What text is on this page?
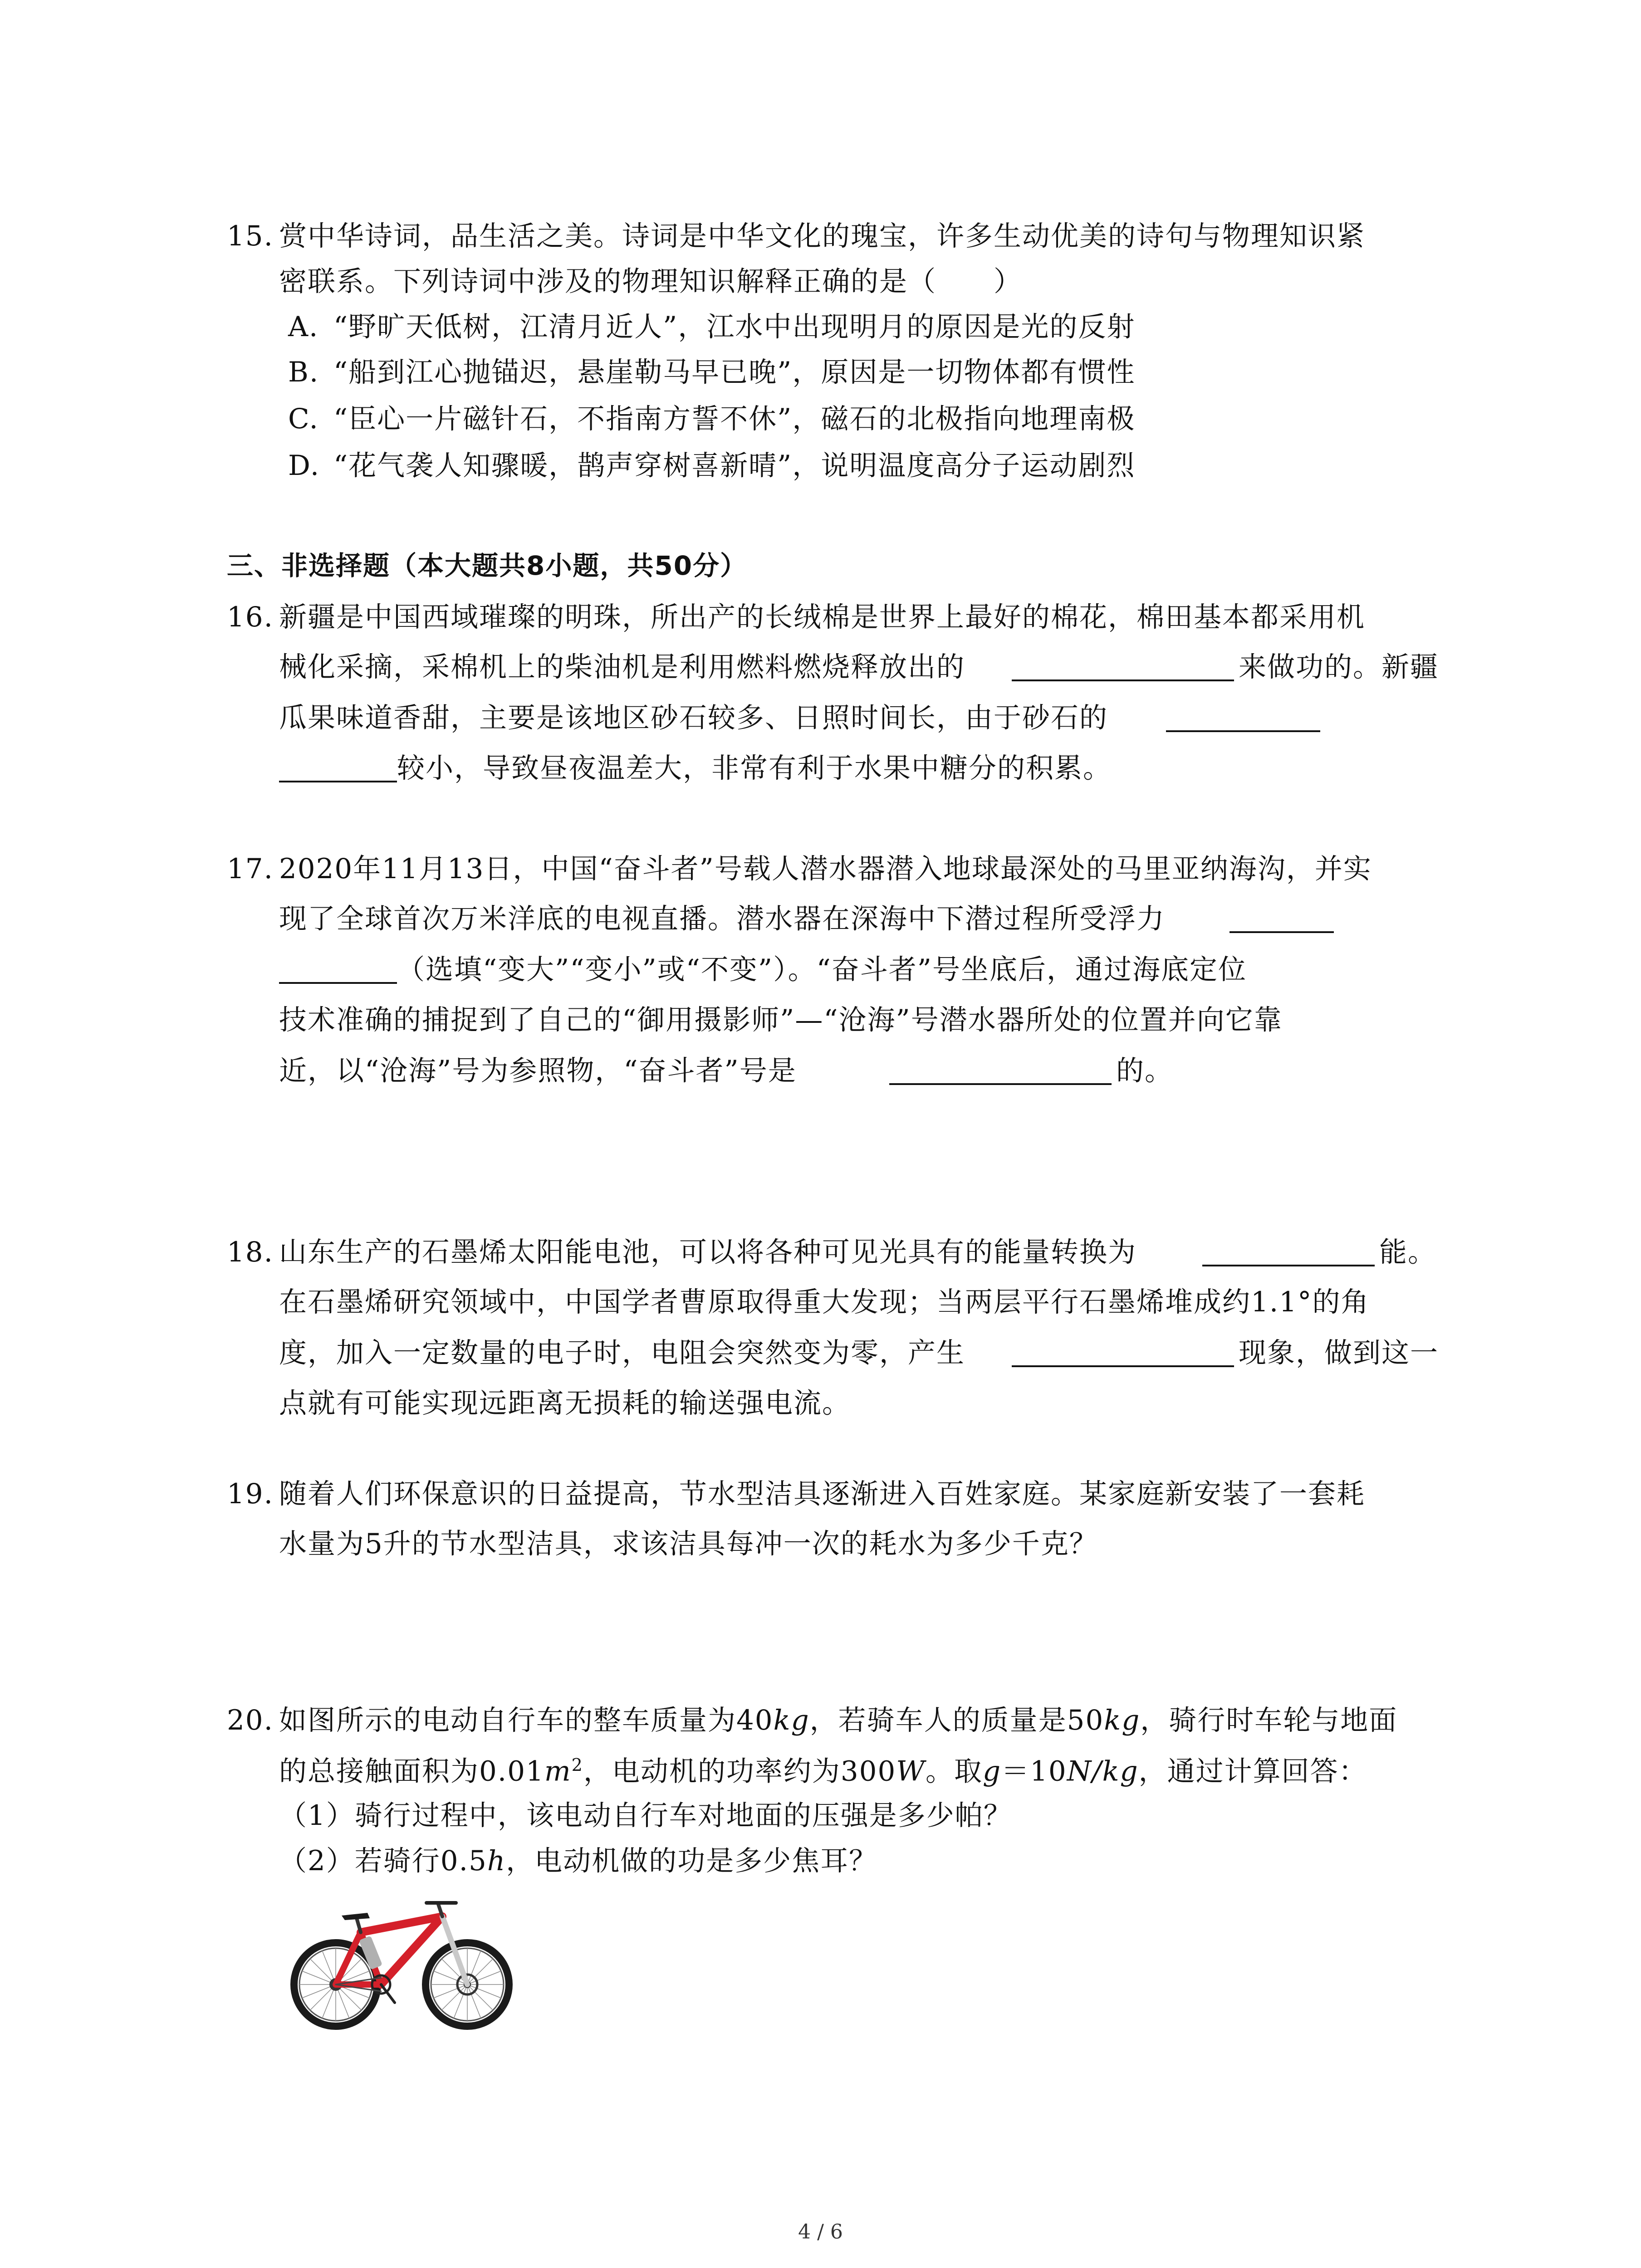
15. 赏中华诗词，品生活之美。诗词是中华文化的瑰宝，许多生动优美的诗句与物理知识紧
密联系。下列诗词中涉及的物理知识解释正确的是（　　）
A. “野旷天低树，江清月近人”，江水中出现明月的原因是光的反射
B. “船到江心抛锚迟，悬崖勒马早已晚”，原因是一切物体都有惯性
C. “臣心一片磁针石，不指南方誓不休”，磁石的北极指向地理南极
D. “花气袭人知骤暖，鹊声穿树喜新晴”，说明温度高分子运动剧烈
三、非选择题（本大题共8小题，共50分）
16. 新疆是中国西域璀璨的明珠，所出产的长绒棉是世界上最好的棉花，棉田基本都采用机
械化采摘，采棉机上的柴油机是利用燃料燃烧释放出的	来做功的。新疆
瓜果味道香甜，主要是该地区砂石较多、日照时间长，由于砂石的
较小，导致昼夜温差大，非常有利于水果中糖分的积累。
17. 2020年11月13日，中国“奋斗者”号载人潜水器潜入地球最深处的马里亚纳海沟，并实
现了全球首次万米洋底的电视直播。潜水器在深海中下潜过程所受浮力
（选填“变大”“变小”或“不变”）。“奋斗者”号坐底后，通过海底定位
技术准确的捕捉到了自己的“御用摄影师”—“沧海”号潜水器所处的位置并向它靠
近，以“沧海”号为参照物，“奋斗者”号是	的。
18. 山东生产的石墨烯太阳能电池，可以将各种可见光具有的能量转换为	能。
在石墨烯研究领域中，中国学者曹原取得重大发现；当两层平行石墨烯堆成约1.1°的角
度，加入一定数量的电子时，电阻会突然变为零，产生	现象，做到这一
点就有可能实现远距离无损耗的输送强电流。
19. 随着人们环保意识的日益提高，节水型洁具逐渐进入百姓家庭。某家庭新安装了一套耗
水量为5升的节水型洁具，求该洁具每冲一次的耗水为多少千克？
20. 如图所示的电动自行车的整车质量为40kg，若骑车人的质量是50kg，骑行时车轮与地面
的总接触面积为$0.01m^2$，电动机的功率约为300W。取g＝10N/kg，通过计算回答：
（1）骑行过程中，该电动自行车对地面的压强是多少帕？
（2）若骑行0.5h，电动机做的功是多少焦耳？
4 / 6
